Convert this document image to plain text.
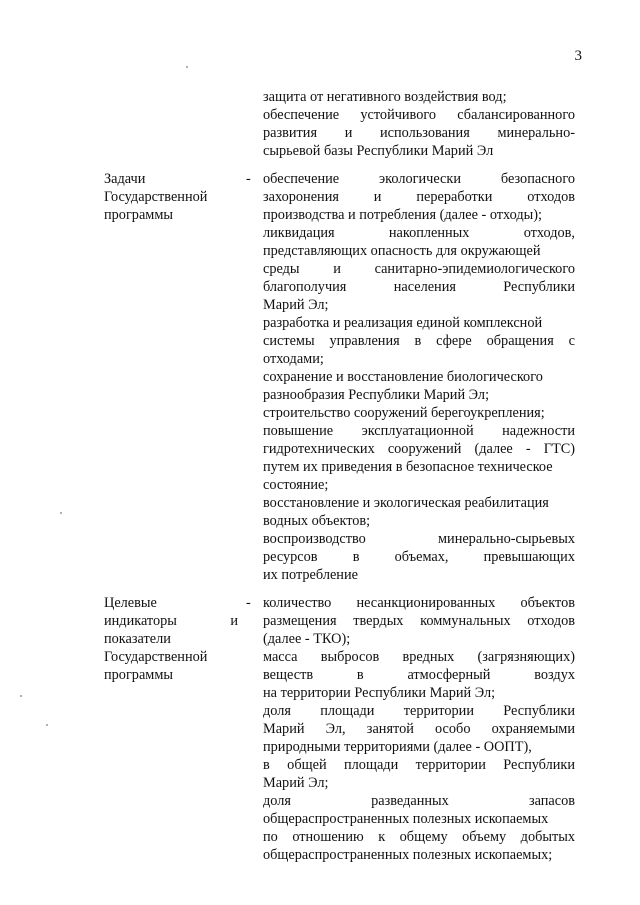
3
защита от негативного воздействия вод;
обеспечение устойчивого сбалансированного
развития и использования минерально-
сырьевой базы Республики Марий Эл
Задачи
Государственной
программы
- обеспечение экологически безопасного
захоронения и переработки отходов
производства и потребления (далее - отходы);
ликвидация накопленных отходов,
представляющих опасность для окружающей
среды и санитарно-эпидемиологического
благополучия населения Республики
Марий Эл;
разработка и реализация единой комплексной
системы управления в сфере обращения с
отходами;
сохранение и восстановление биологического
разнообразия Республики Марий Эл;
строительство сооружений берегоукрепления;
повышение эксплуатационной надежности
гидротехнических сооружений (далее - ГТС)
путем их приведения в безопасное техническое
состояние;
восстановление и экологическая реабилитация
водных объектов;
воспроизводство минерально-сырьевых
ресурсов в объемах, превышающих
их потребление
Целевые
индикаторы и
показатели
Государственной
программы
- количество несанкционированных объектов
размещения твердых коммунальных отходов
(далее - ТКО);
масса выбросов вредных (загрязняющих)
веществ в атмосферный воздух
на территории Республики Марий Эл;
доля площади территории Республики
Марий Эл, занятой особо охраняемыми
природными территориями (далее - ООПТ),
в общей площади территории Республики
Марий Эл;
доля разведанных запасов
общераспространенных полезных ископаемых
по отношению к общему объему добытых
общераспространенных полезных ископаемых;
